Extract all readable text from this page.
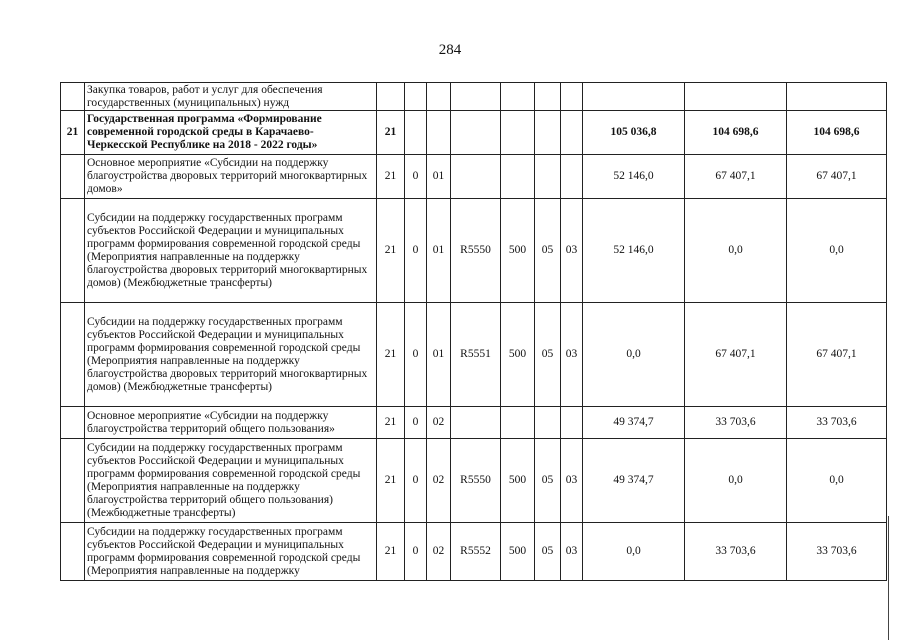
284
	Закупка товаров, работ и услуг для обеспечения государственных (муниципальных) нужд										
21	Государственная программа «Формирование современной городской среды в Карачаево-Черкесской Республике на 2018 - 2022 годы»	21							105 036,8	104 698,6	104 698,6
	Основное мероприятие «Субсидии на поддержку благоустройства дворовых территорий многоквартирных домов»	21	0	01					52 146,0	67 407,1	67 407,1
	Субсидии на поддержку государственных программ субъектов Российской Федерации и муниципальных программ формирования современной городской среды (Мероприятия направленные на поддержку благоустройства дворовых территорий многоквартирных домов) (Межбюджетные трансферты)	21	0	01	R5550	500	05	03	52 146,0	0,0	0,0
	Субсидии на поддержку государственных программ субъектов Российской Федерации и муниципальных программ формирования современной городской среды (Мероприятия направленные на поддержку благоустройства дворовых территорий многоквартирных домов) (Межбюджетные трансферты)	21	0	01	R5551	500	05	03	0,0	67 407,1	67 407,1
	Основное мероприятие «Субсидии на поддержку благоустройства территорий общего пользования»	21	0	02					49 374,7	33 703,6	33 703,6
	Субсидии на поддержку государственных программ субъектов Российской Федерации и муниципальных программ формирования современной городской среды (Мероприятия направленные на поддержку благоустройства территорий общего пользования) (Межбюджетные трансферты)	21	0	02	R5550	500	05	03	49 374,7	0,0	0,0
	Субсидии на поддержку государственных программ субъектов Российской Федерации и муниципальных программ формирования современной городской среды (Мероприятия направленные на поддержку	21	0	02	R5552	500	05	03	0,0	33 703,6	33 703,6
